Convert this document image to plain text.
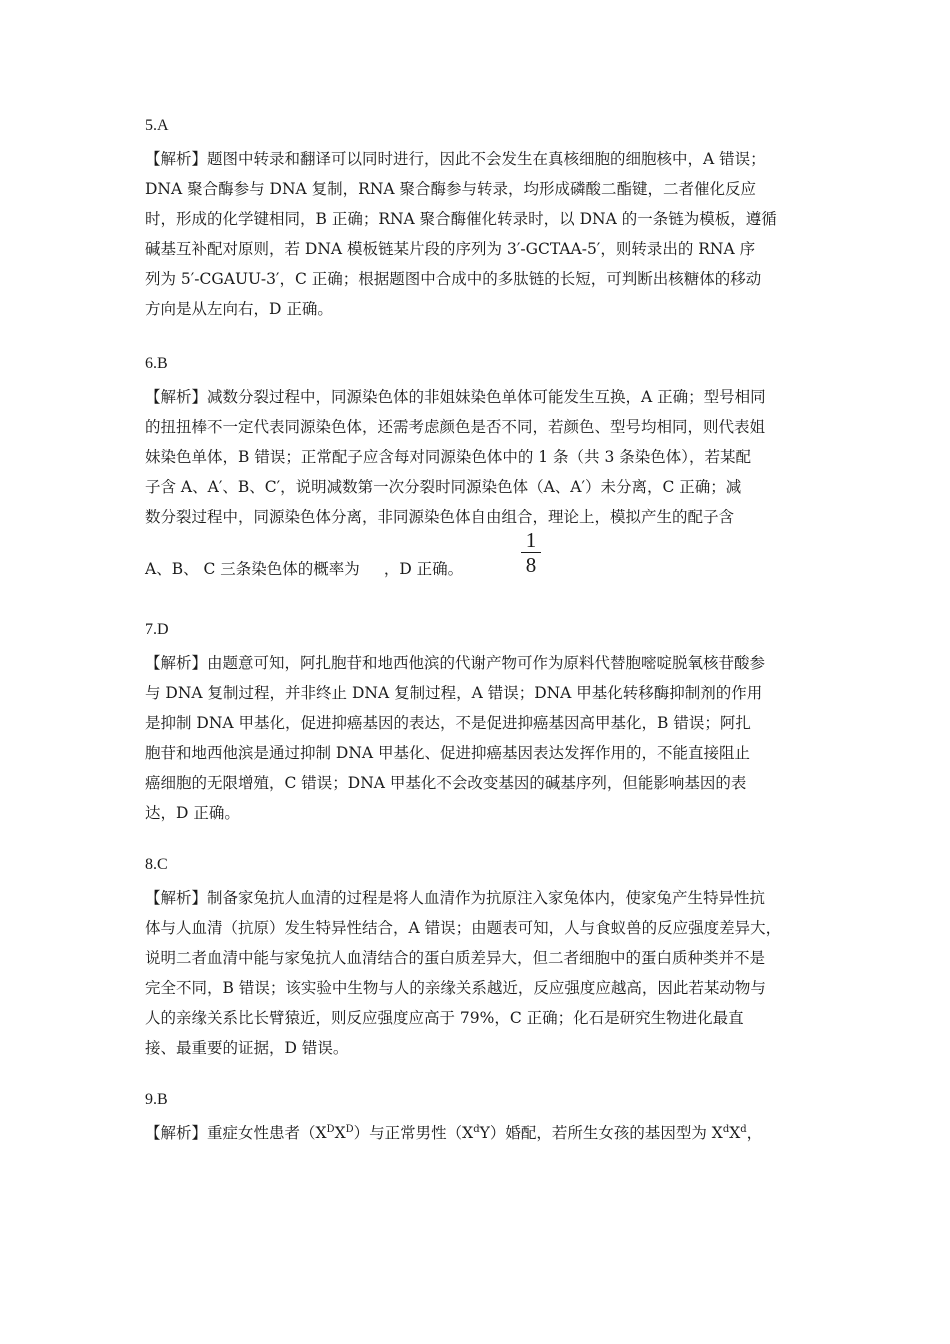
5.A
【解析】题图中转录和翻译可以同时进行，因此不会发生在真核细胞的细胞核中，A 错误；
DNA 聚合酶参与 DNA 复制，RNA 聚合酶参与转录，均形成磷酸二酯键，二者催化反应
时，形成的化学键相同，B 正确；RNA 聚合酶催化转录时，以 DNA 的一条链为模板，遵循
碱基互补配对原则，若 DNA 模板链某片段的序列为 3′-GCTAA-5′，则转录出的 RNA 序
列为 5′-CGAUU-3′，C 正确；根据题图中合成中的多肽链的长短，可判断出核糖体的移动
方向是从左向右，D 正确。
6.B
【解析】减数分裂过程中，同源染色体的非姐妹染色单体可能发生互换，A 正确；型号相同
的扭扭棒不一定代表同源染色体，还需考虑颜色是否不同，若颜色、型号均相同，则代表姐
妹染色单体，B 错误；正常配子应含每对同源染色体中的 1 条（共 3 条染色体），若某配
子含 A、A′、B、C′，说明减数第一次分裂时同源染色体（A、A′）未分离，C 正确；减
数分裂过程中，同源染色体分离，非同源染色体自由组合，理论上，模拟产生的配子含
A、B、 C 三条染色体的概率为 ，D 正确。	$\frac{1}{8}$
7.D
【解析】由题意可知，阿扎胞苷和地西他滨的代谢产物可作为原料代替胞嘧啶脱氧核苷酸参
与 DNA 复制过程，并非终止 DNA 复制过程，A 错误；DNA 甲基化转移酶抑制剂的作用
是抑制 DNA 甲基化，促进抑癌基因的表达，不是促进抑癌基因高甲基化，B 错误；阿扎
胞苷和地西他滨是通过抑制 DNA 甲基化、促进抑癌基因表达发挥作用的，不能直接阻止
癌细胞的无限增殖，C 错误；DNA 甲基化不会改变基因的碱基序列，但能影响基因的表
达，D 正确。
8.C
【解析】制备家兔抗人血清的过程是将人血清作为抗原注入家兔体内，使家兔产生特异性抗
体与人血清（抗原）发生特异性结合，A 错误；由题表可知，人与食蚁兽的反应强度差异大，
说明二者血清中能与家兔抗人血清结合的蛋白质差异大，但二者细胞中的蛋白质种类并不是
完全不同，B 错误；该实验中生物与人的亲缘关系越近，反应强度应越高，因此若某动物与
人的亲缘关系比长臂猿近，则反应强度应高于 79%，C 正确；化石是研究生物进化最直
接、最重要的证据，D 错误。
9.B
【解析】重症女性患者$(X^DX^D)$与正常男性$(X^dY)$婚配，若所生女孩的基因型为 $X^dX^d$，
